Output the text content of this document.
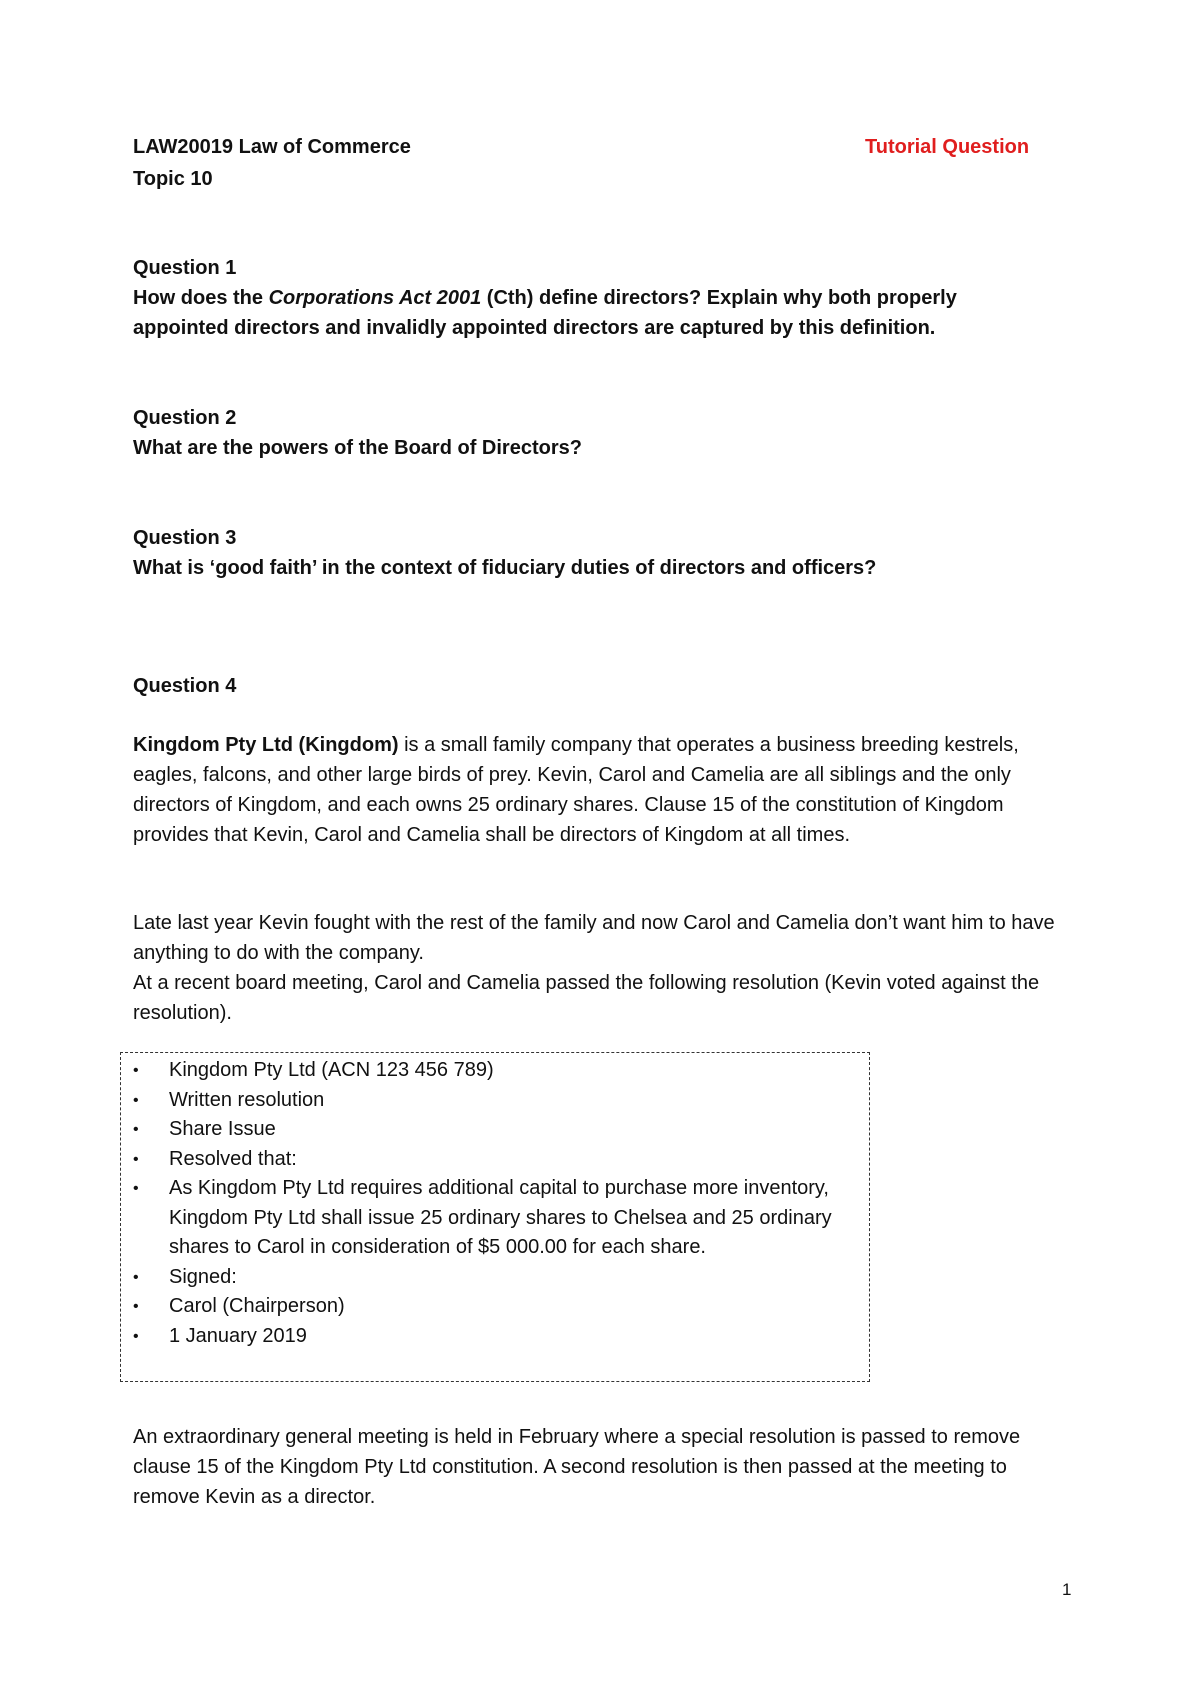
LAW20019 Law of Commerce	Tutorial Question
Topic 10
Question 1
How does the Corporations Act 2001 (Cth) define directors? Explain why both properly
appointed directors and invalidly appointed directors are captured by this definition.
Question 2
What are the powers of the Board of Directors?
Question 3
What is ‘good faith’ in the context of fiduciary duties of directors and officers?
Question 4
Kingdom Pty Ltd (Kingdom) is a small family company that operates a business breeding kestrels, eagles, falcons, and other large birds of prey. Kevin, Carol and Camelia are all siblings and the only directors of Kingdom, and each owns 25 ordinary shares. Clause 15 of the constitution of Kingdom provides that Kevin, Carol and Camelia shall be directors of Kingdom at all times.
Late last year Kevin fought with the rest of the family and now Carol and Camelia don’t want him to have anything to do with the company.
At a recent board meeting, Carol and Camelia passed the following resolution (Kevin voted against the resolution).
• Kingdom Pty Ltd (ACN 123 456 789)
• Written resolution
• Share Issue
• Resolved that:
• As Kingdom Pty Ltd requires additional capital to purchase more inventory, Kingdom Pty Ltd shall issue 25 ordinary shares to Chelsea and 25 ordinary shares to Carol in consideration of $5 000.00 for each share.
• Signed:
• Carol (Chairperson)
• 1 January 2019
An extraordinary general meeting is held in February where a special resolution is passed to remove clause 15 of the Kingdom Pty Ltd constitution. A second resolution is then passed at the meeting to remove Kevin as a director.
1
